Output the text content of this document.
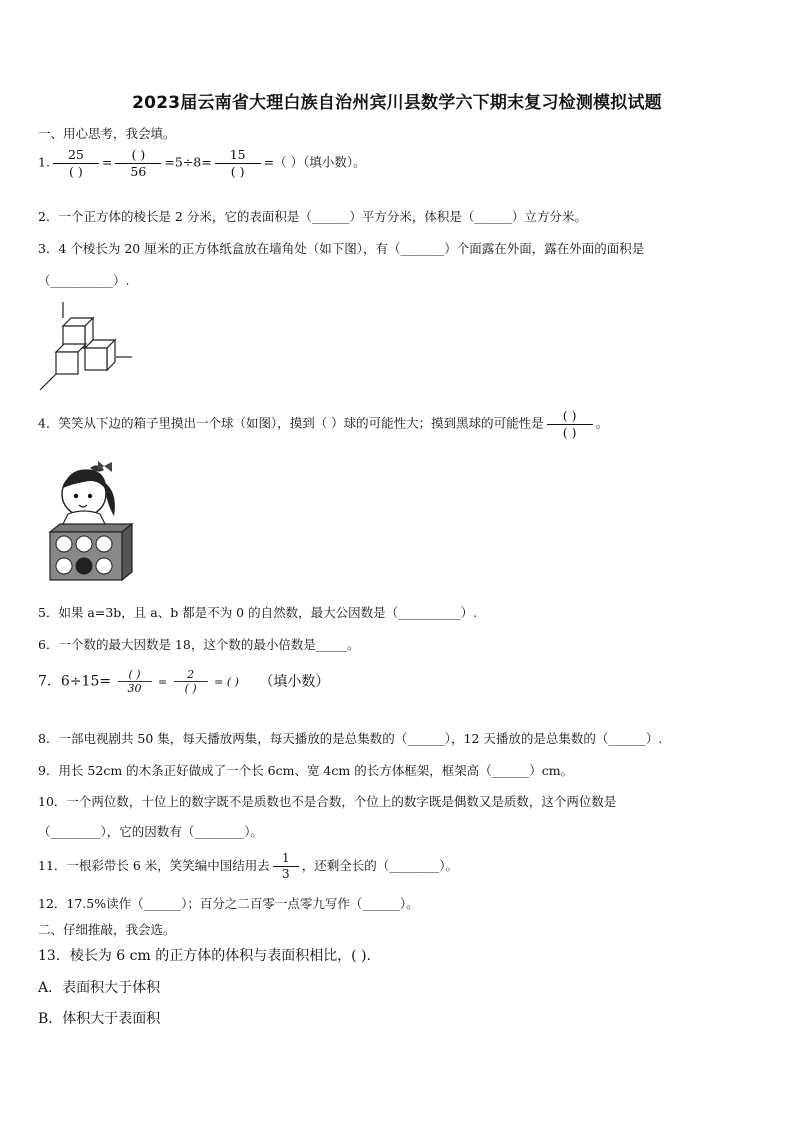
2023届云南省大理白族自治州宾川县数学六下期末复习检测模拟试题
一、用心思考，我会填。
1. $\frac{25}{( )} = \frac{( )}{56} =5\div 8= \frac{15}{( )}$ =（ ）（填小数）。
2．一个正方体的棱长是 2 分米，它的表面积是（______）平方分米，体积是（______）立方分米。
3．4 个棱长为 20 厘米的正方体纸盒放在墙角处（如下图），有（_______）个面露在外面，露在外面的面积是
（__________）.
4．笑笑从下边的箱子里摸出一个球（如图），摸到（ ）球的可能性大；摸到黑球的可能性是 $\frac{( )}{( )}$ 。
5．如果 a=3b，且 a、b 都是不为 0 的自然数，最大公因数是（__________）.
6．一个数的最大因数是 18，这个数的最小倍数是_____。
7．6÷15= ( )
30 =
2
( ) = ( ) （填小数）
8．一部电视剧共 50 集，每天播放两集，每天播放的是总集数的（______），12 天播放的是总集数的（______）.
9．用长 52cm 的木条正好做成了一个长 6cm、宽 4cm 的长方体框架，框架高（______）cm。
10．一个两位数，十位上的数字既不是质数也不是合数，个位上的数字既是偶数又是质数，这个两位数是
（________），它的因数有（________）。
11．一根彩带长 6 米，笑笑编中国结用去 $\frac{1}{3}$ ，还剩全长的（________）。
12．17.5%读作（______）；百分之二百零一点零九写作（______）。
二、仔细推敲，我会选。
13．棱长为 6 cm 的正方体的体积与表面积相比，( ).
A．表面积大于体积
B．体积大于表面积
